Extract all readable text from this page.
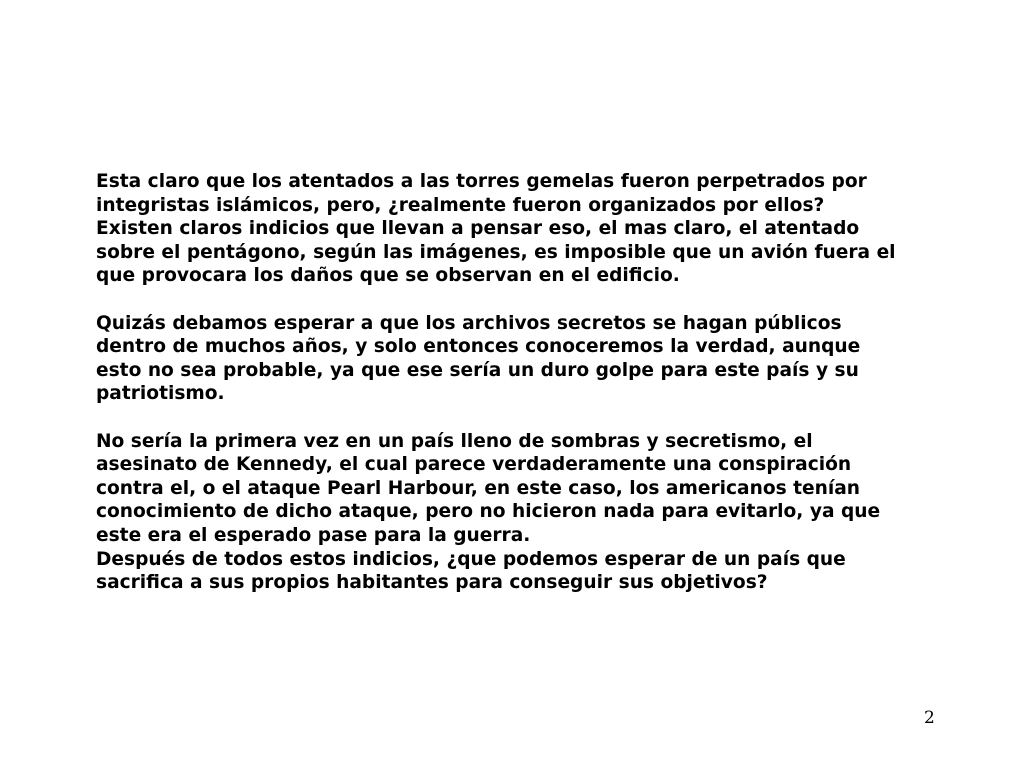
Esta claro que los atentados a las torres gemelas fueron perpetrados por

integristas islámicos, pero, ¿realmente fueron organizados por ellos?

Existen claros indicios que llevan a pensar eso, el mas claro, el atentado

sobre el pentágono, según las imágenes, es imposible que un avión fuera el

que provocara los daños que se observan en el edificio.

Quizás debamos esperar a que los archivos secretos se hagan públicos

dentro de muchos años, y solo entonces conoceremos la verdad, aunque

esto no sea probable, ya que ese sería un duro golpe para este país y su

patriotismo.

No sería la primera vez en un país lleno de sombras y secretismo, el

asesinato de Kennedy, el cual parece verdaderamente una conspiración

contra el, o el ataque Pearl Harbour, en este caso, los americanos tenían

conocimiento de dicho ataque, pero no hicieron nada para evitarlo, ya que

este era el esperado pase para la guerra.

Después de todos estos indicios, ¿que podemos esperar de un país que

sacrifica a sus propios habitantes para conseguir sus objetivos?

2
